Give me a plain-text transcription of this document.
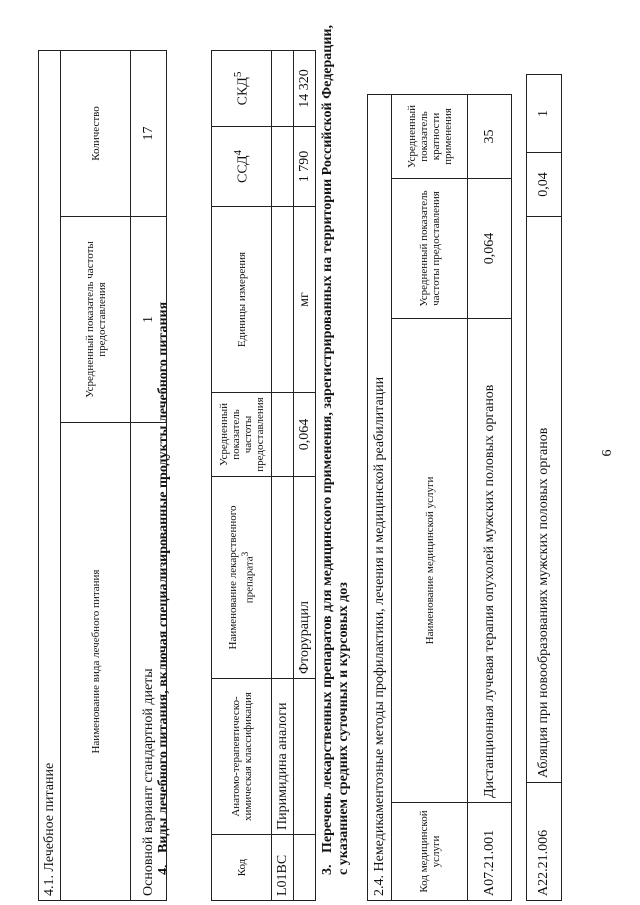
6
A22.21.006	Абляция при новообразованиях мужских половых органов	0,04	1
2.4. Немедикаментозные методы профилактики, лечения и медицинской реабилитации			
Код медицинской услуги	Наименование медицинской услуги	Усредненный показатель частоты предоставления	Усредненный показатель кратности применения
A07.21.001	Дистанционная лучевая терапия опухолей мужских половых органов	0,064	35
3.Перечень лекарственных препаратов для медицинского применения, зарегистрированных на территории Российской Федерации, с указанием средних суточных и курсовых доз
Код	Анатомо-терапевтическо-химическая классификация	Наименование лекарственного препарата$^3$	Усредненный показатель частоты предоставления	Единицы измерения	ССД$^4$	СКД$^5$
L01BC	Пиримидина аналоги					
		Фторурацил	0,064	мг	1 790	14 320
4.Виды лечебного питания, включая специализированные продукты лечебного питания
4.1. Лечебное питание		
Наименование вида лечебного питания	Усредненный показатель частоты предоставления	Количество
Основной вариант стандартной диеты	1	17
